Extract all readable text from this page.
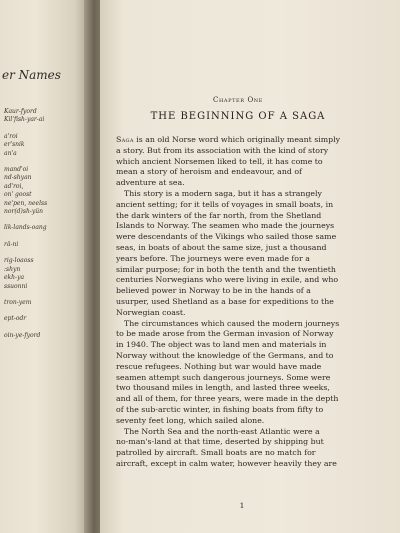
er Names
Kaur-fyord
Kil'fish-yar-ai
a'roi
er'snik
an'a
mand'oi
nd-shyan
ad'roi,
on' goost
ne'pen, neelss
nor(d)sh-yün
lik-lands-oang
rä-ni
rig-loaoss
:shyn
ekh-ya
ssuonni
tron-yem
ept-odr
oin-ye-fyord
Chapter One
THE BEGINNING OF A SAGA
Saga is an old Norse word which originally meant simply
a story. But from its association with the kind of story
which ancient Norsemen liked to tell, it has come to
mean a story of heroism and endeavour, and of
adventure at sea.
This story is a modern saga, but it has a strangely
ancient setting; for it tells of voyages in small boats, in
the dark winters of the far north, from the Shetland
Islands to Norway. The seamen who made the journeys
were descendants of the Vikings who sailed those same
seas, in boats of about the same size, just a thousand
years before. The journeys were even made for a
similar purpose; for in both the tenth and the twentieth
centuries Norwegians who were living in exile, and who
believed power in Norway to be in the hands of a
usurper, used Shetland as a base for expeditions to the
Norwegian coast.
The circumstances which caused the modern journeys
to be made arose from the German invasion of Norway
in 1940. The object was to land men and materials in
Norway without the knowledge of the Germans, and to
rescue refugees. Nothing but war would have made
seamen attempt such dangerous journeys. Some were
two thousand miles in length, and lasted three weeks,
and all of them, for three years, were made in the depth
of the sub-arctic winter, in fishing boats from fifty to
seventy feet long, which sailed alone.
The North Sea and the north-east Atlantic were a
no-man's-land at that time, deserted by shipping but
patrolled by aircraft. Small boats are no match for
aircraft, except in calm water, however heavily they are
1
